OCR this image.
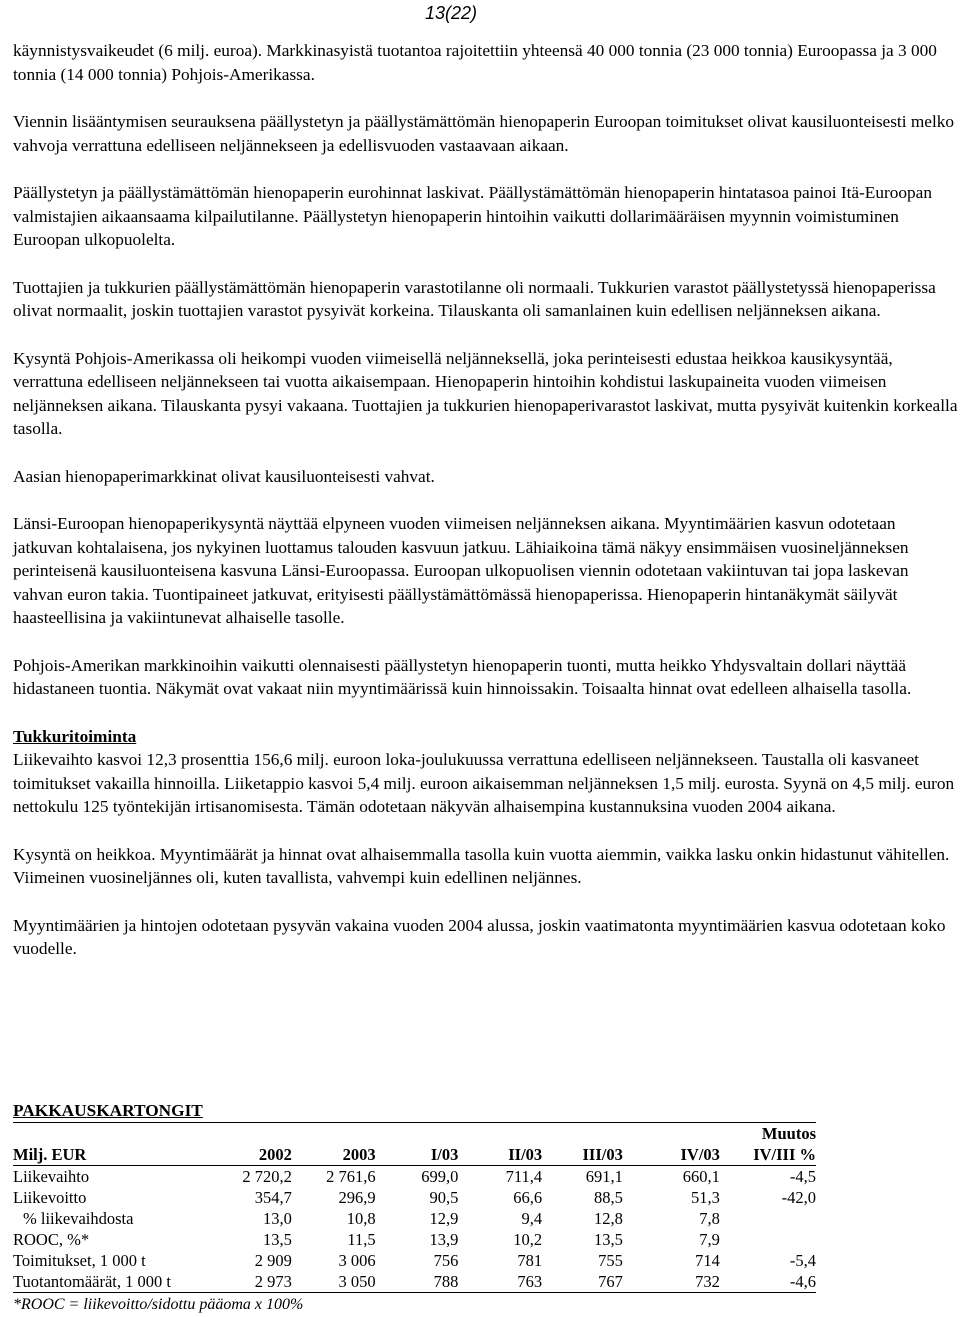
13(22)

käynnistysvaikeudet (6 milj. euroa). Markkinasyistä tuotantoa rajoitettiin yhteensä 40 000 tonnia (23 000 tonnia) Euroopassa ja 3 000 tonnia (14 000 tonnia) Pohjois-Amerikassa.

Viennin lisääntymisen seurauksena päällystetyn ja päällystämättömän hienopaperin Euroopan toimitukset olivat kausiluonteisesti melko vahvoja verrattuna edelliseen neljännekseen ja edellisvuoden vastaavaan aikaan.

Päällystetyn ja päällystämättömän hienopaperin eurohinnat laskivat. Päällystämättömän hienopaperin hintatasoa painoi Itä-Euroopan valmistajien aikaansaama kilpailutilanne. Päällystetyn hienopaperin hintoihin vaikutti dollarimääräisen myynnin voimistuminen Euroopan ulkopuolelta.

Tuottajien ja tukkurien päällystämättömän hienopaperin varastotilanne oli normaali. Tukkurien varastot päällystetyssä hienopaperissa olivat normaalit, joskin tuottajien varastot pysyivät korkeina. Tilauskanta oli samanlainen kuin edellisen neljänneksen aikana.

Kysyntä Pohjois-Amerikassa oli heikompi vuoden viimeisellä neljänneksellä, joka perinteisesti edustaa heikkoa kausikysyntää, verrattuna edelliseen neljännekseen tai vuotta aikaisempaan. Hienopaperin hintoihin kohdistui laskupaineita vuoden viimeisen neljänneksen aikana. Tilauskanta pysyi vakaana. Tuottajien ja tukkurien hienopaperivarastot laskivat, mutta pysyivät kuitenkin korkealla tasolla.

Aasian hienopaperimarkkinat olivat kausiluonteisesti vahvat.

Länsi-Euroopan hienopaperikysyntä näyttää elpyneen vuoden viimeisen neljänneksen aikana. Myyntimäärien kasvun odotetaan jatkuvan kohtalaisena, jos nykyinen luottamus talouden kasvuun jatkuu. Lähiaikoina tämä näkyy ensimmäisen vuosineljänneksen perinteisenä kausiluonteisena kasvuna Länsi-Euroopassa. Euroopan ulkopuolisen viennin odotetaan vakiintuvan tai jopa laskevan vahvan euron takia. Tuontipaineet jatkuvat, erityisesti päällystämättömässä hienopaperissa. Hienopaperin hintanäkymät säilyvät haasteellisina ja vakiintunevat alhaiselle tasolle.

Pohjois-Amerikan markkinoihin vaikutti olennaisesti päällystetyn hienopaperin tuonti, mutta heikko Yhdysvaltain dollari näyttää hidastaneen tuontia. Näkymät ovat vakaat niin myyntimäärissä kuin hinnoissakin. Toisaalta hinnat ovat edelleen alhaisella tasolla.

Tukkuritoiminta

Liikevaihto kasvoi 12,3 prosenttia 156,6 milj. euroon loka-joulukuussa verrattuna edelliseen neljännekseen. Taustalla oli kasvaneet toimitukset vakailla hinnoilla. Liiketappio kasvoi 5,4 milj. euroon aikaisemman neljänneksen 1,5 milj. eurosta. Syynä on 4,5 milj. euron nettokulu 125 työntekijän irtisanomisesta. Tämän odotetaan näkyvän alhaisempina kustannuksina vuoden 2004 aikana.

Kysyntä on heikkoa. Myyntimäärät ja hinnat ovat alhaisemmalla tasolla kuin vuotta aiemmin, vaikka lasku onkin hidastunut vähitellen. Viimeinen vuosineljännes oli, kuten tavallista, vahvempi kuin edellinen neljännes.

Myyntimäärien ja hintojen odotetaan pysyvän vakaina vuoden 2004 alussa, joskin vaatimatonta myyntimäärien kasvua odotetaan koko vuodelle.

PAKKAUSKARTONGIT
							Muutos
Milj. EUR	2002	2003	I/03	II/03	III/03	IV/03	IV/III %
Liikevaihto	2 720,2	2 761,6	699,0	711,4	691,1	660,1	-4,5
Liikevoitto	354,7	296,9	90,5	66,6	88,5	51,3	-42,0
% liikevaihdosta	13,0	10,8	12,9	9,4	12,8	7,8	
ROOC, %*	13,5	11,5	13,9	10,2	13,5	7,9	
Toimitukset, 1 000 t	2 909	3 006	756	781	755	714	-5,4
Tuotantomäärät, 1 000 t	2 973	3 050	788	763	767	732	-4,6
*ROOC = liikevoitto/sidottu pääoma x 100%
